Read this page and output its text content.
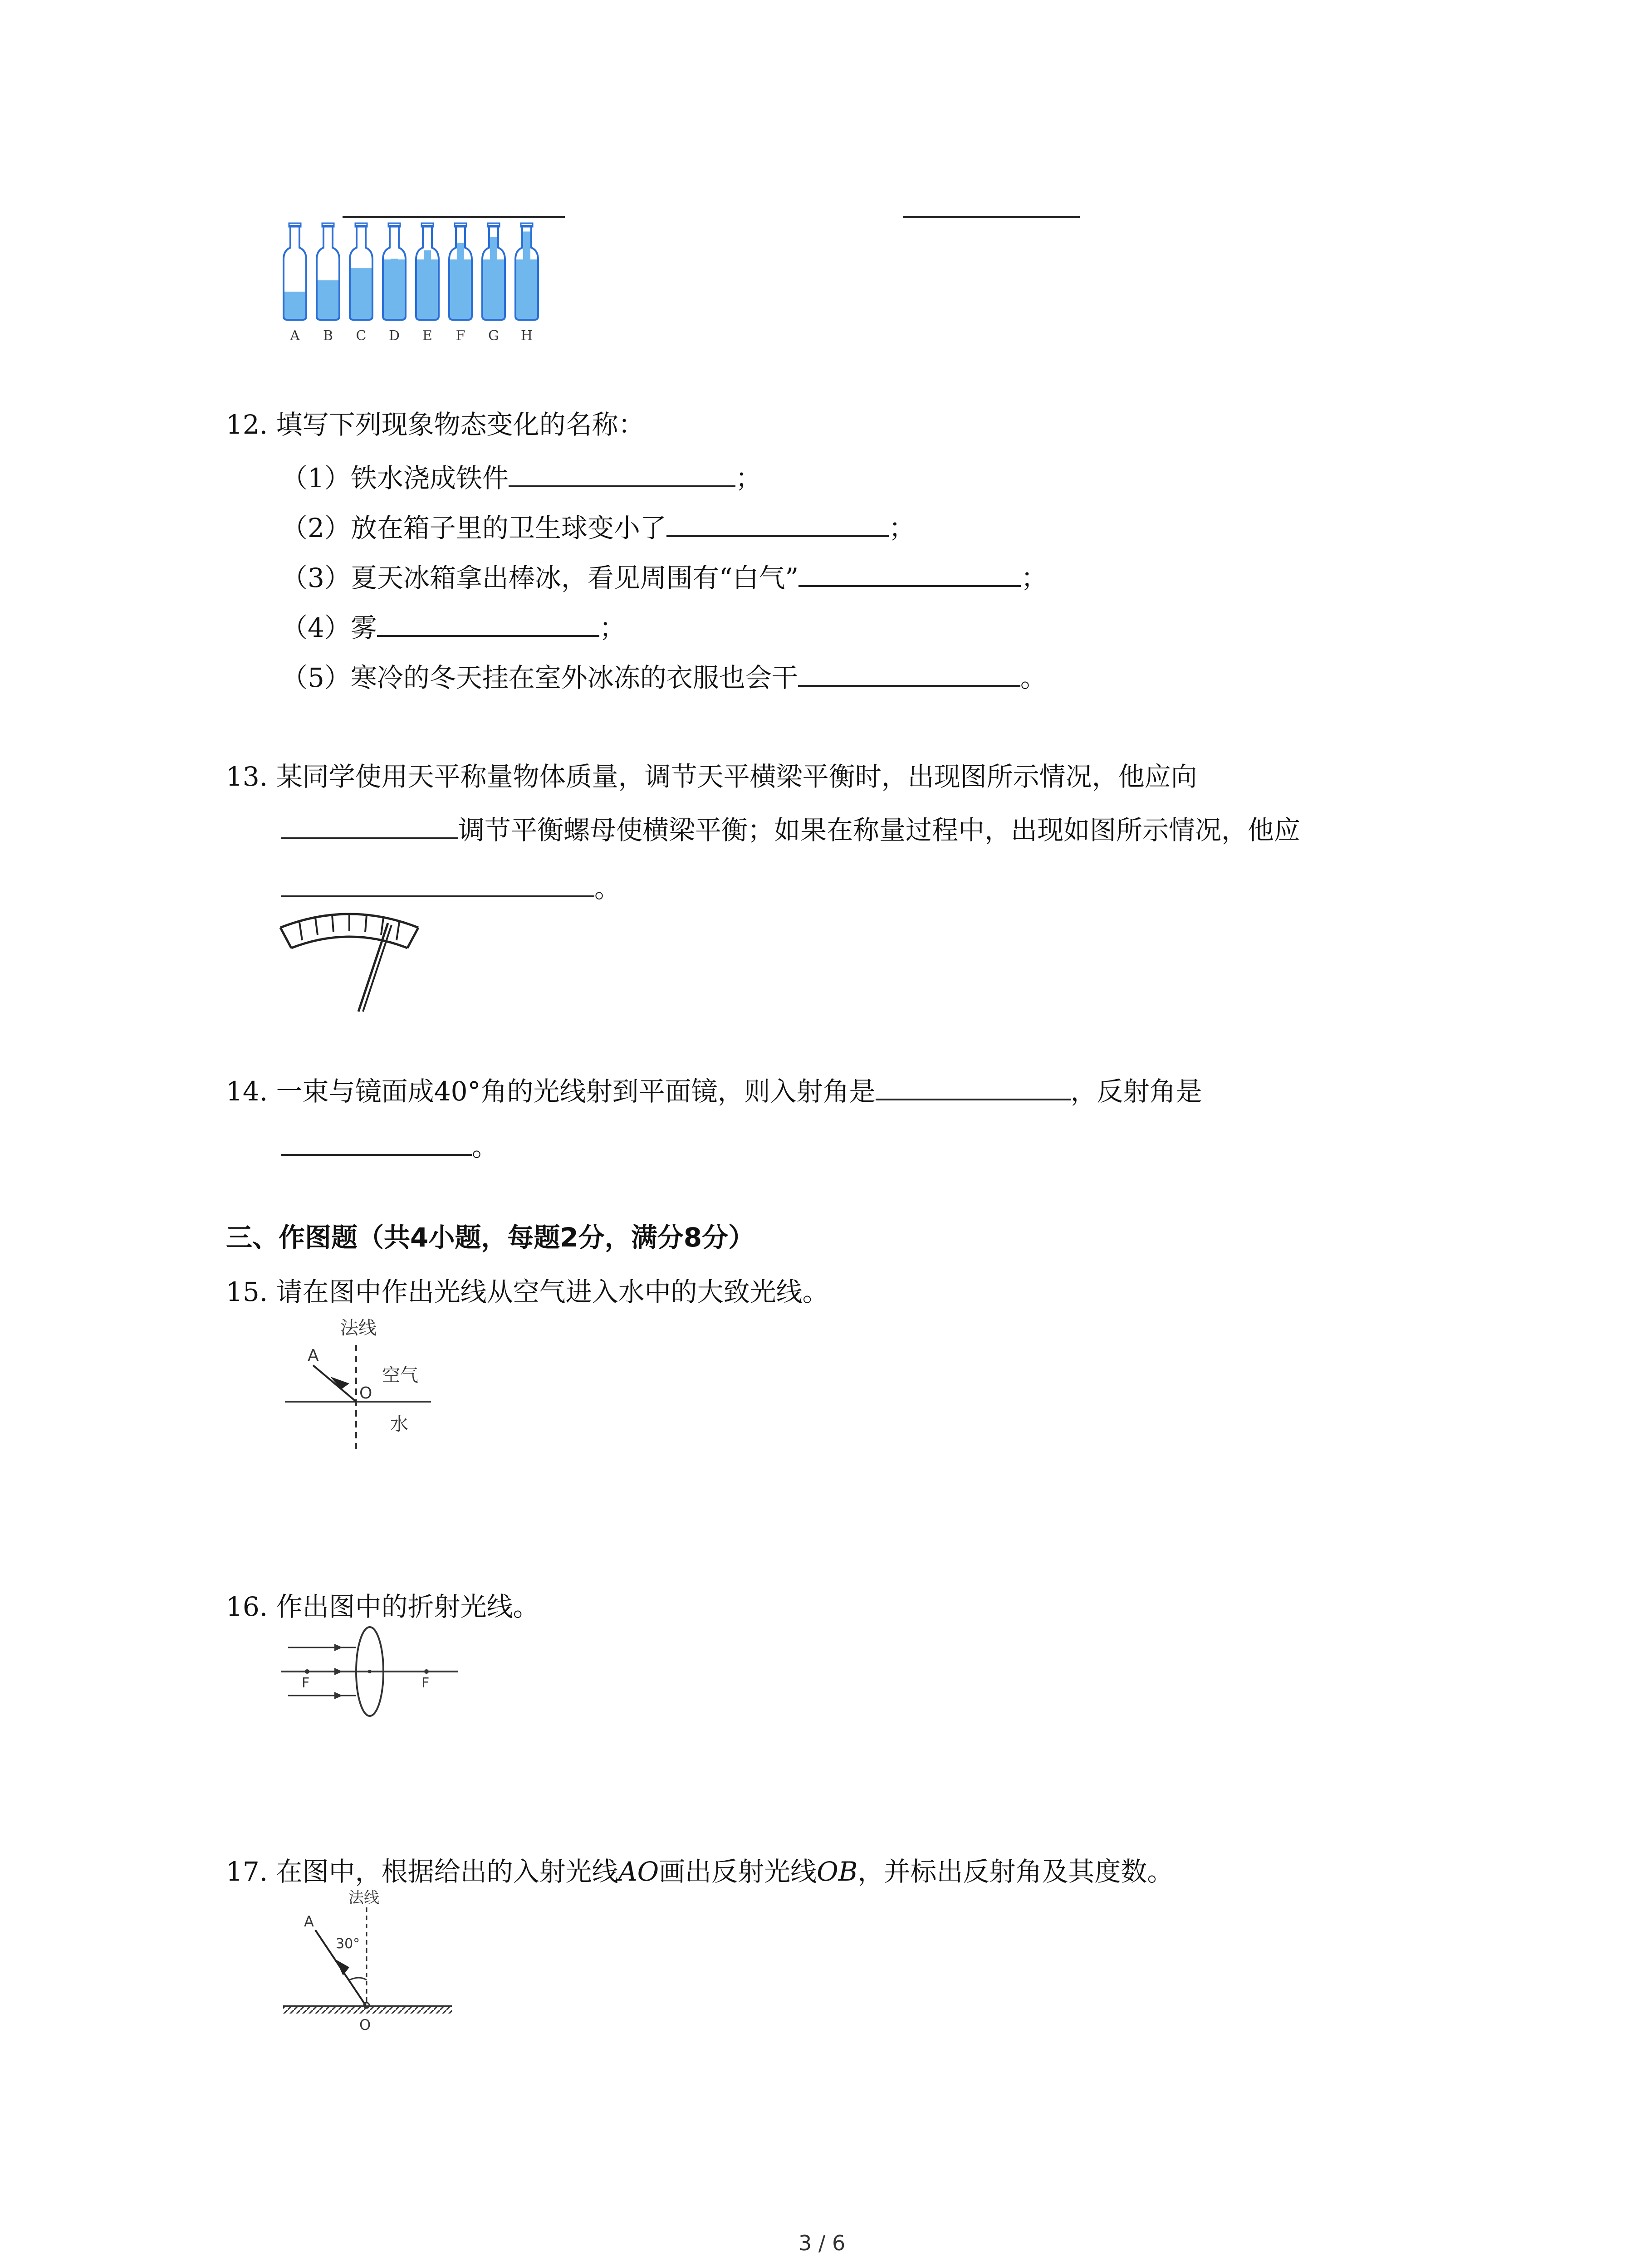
A B C D E F G H
12. 填写下列现象物态变化的名称：
（1）铁水浇成铁件	；
（2）放在箱子里的卫生球变小了	；
（3）夏天冰箱拿出棒冰，看见周围有“白气”	；
（4）雾	；
（5）寒冷的冬天挂在室外冰冻的衣服也会干	。
13. 某同学使用天平称量物体质量，调节天平横梁平衡时，出现图所示情况，他应向
调节平衡螺母使横梁平衡；如果在称量过程中，出现如图所示情况，他应
。
14. 一束与镜面成40°角的光线射到平面镜，则入射角是	，反射角是
。
三、作图题（共4小题，每题2分，满分8分）
15. 请在图中作出光线从空气进入水中的大致光线。
法线
A
O
空气
水
16. 作出图中的折射光线。
F	F
17. 在图中，根据给出的入射光线AO画出反射光线OB，并标出反射角及其度数。
法线
A
30°
O
3 / 6
